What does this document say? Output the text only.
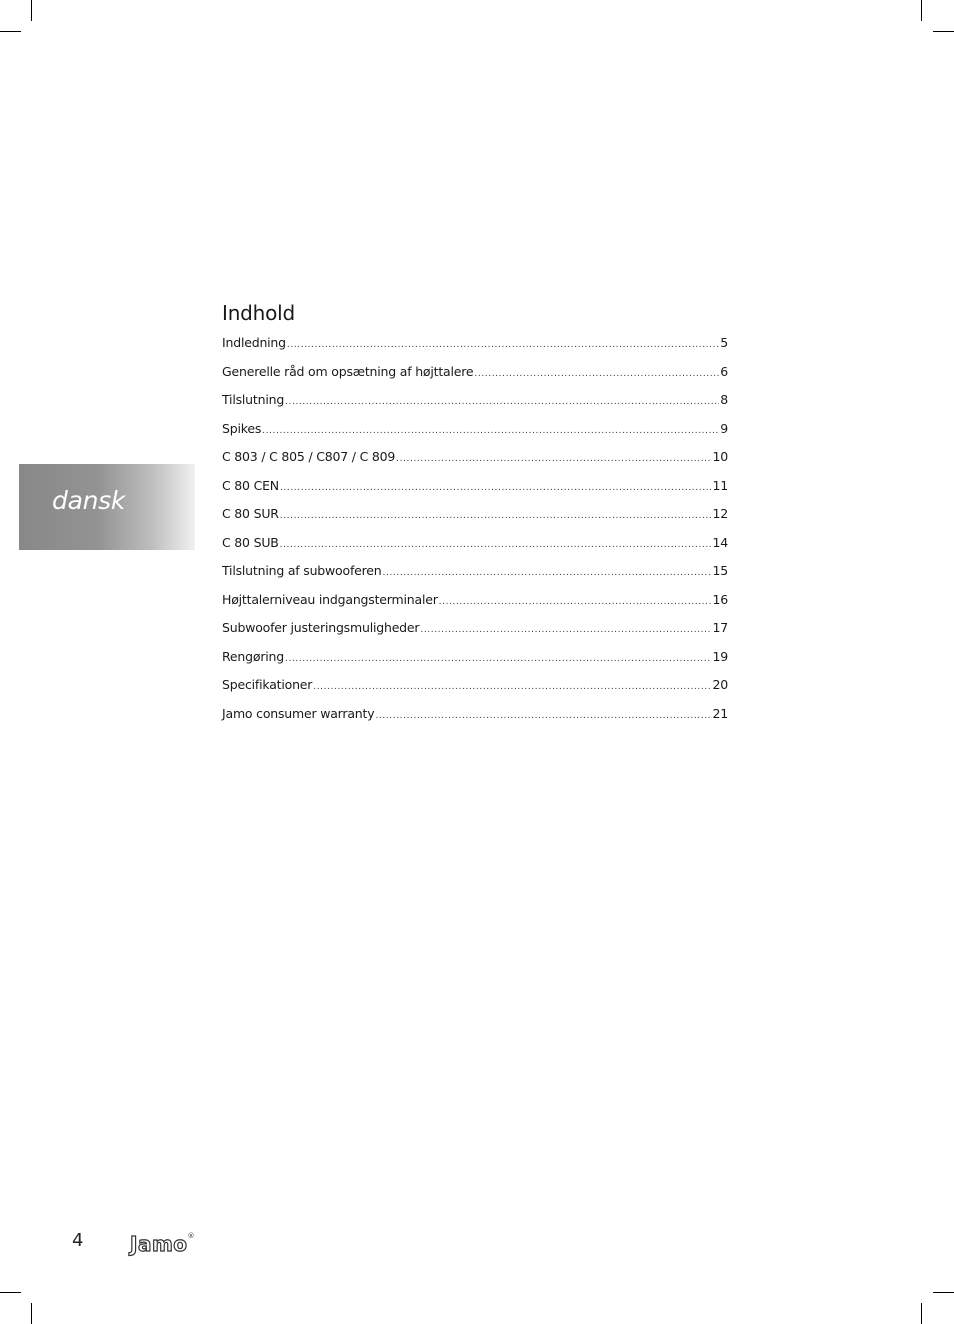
dansk
Indhold
Indledning .....	5
Generelle råd om opsætning af højttalere .....	6
Tilslutning .....	8
Spikes .....	9
C 803 / C 805 / C807 / C 809 .....	10
C 80 CEN .....	11
C 80 SUR .....	12
C 80 SUB .....	14
Tilslutning af subwooferen .....	15
Højttalerniveau indgangsterminaler .....	16
Subwoofer justeringsmuligheder .....	17
Rengøring .....	19
Specifikationer .....	20
Jamo consumer warranty .....	21
4 Jamo®
